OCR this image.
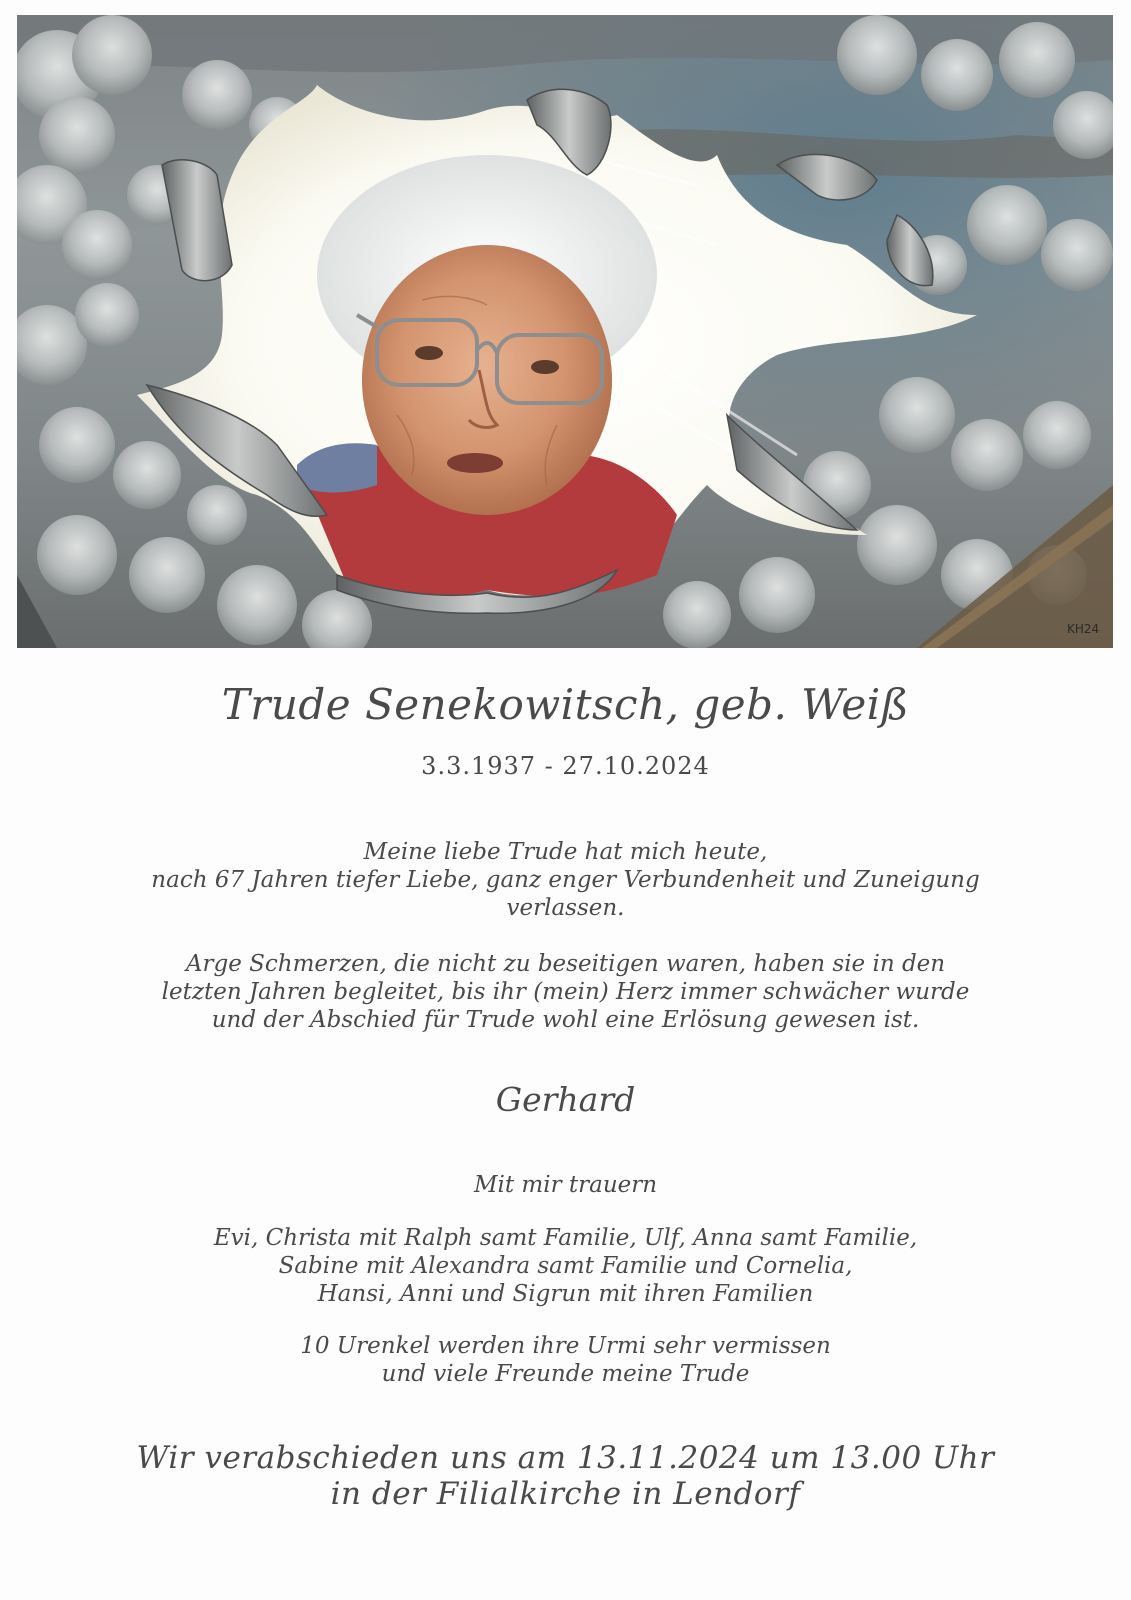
KH24
Trude Senekowitsch, geb. Weiß
3.3.1937 - 27.10.2024
Meine liebe Trude hat mich heute,
nach 67 Jahren tiefer Liebe, ganz enger Verbundenheit und Zuneigung
verlassen.
Arge Schmerzen, die nicht zu beseitigen waren, haben sie in den
letzten Jahren begleitet, bis ihr (mein) Herz immer schwächer wurde
und der Abschied für Trude wohl eine Erlösung gewesen ist.
Gerhard
Mit mir trauern
Evi, Christa mit Ralph samt Familie, Ulf, Anna samt Familie,
Sabine mit Alexandra samt Familie und Cornelia,
Hansi, Anni und Sigrun mit ihren Familien
10 Urenkel werden ihre Urmi sehr vermissen
und viele Freunde meine Trude
Wir verabschieden uns am 13.11.2024 um 13.00 Uhr
in der Filialkirche in Lendorf
